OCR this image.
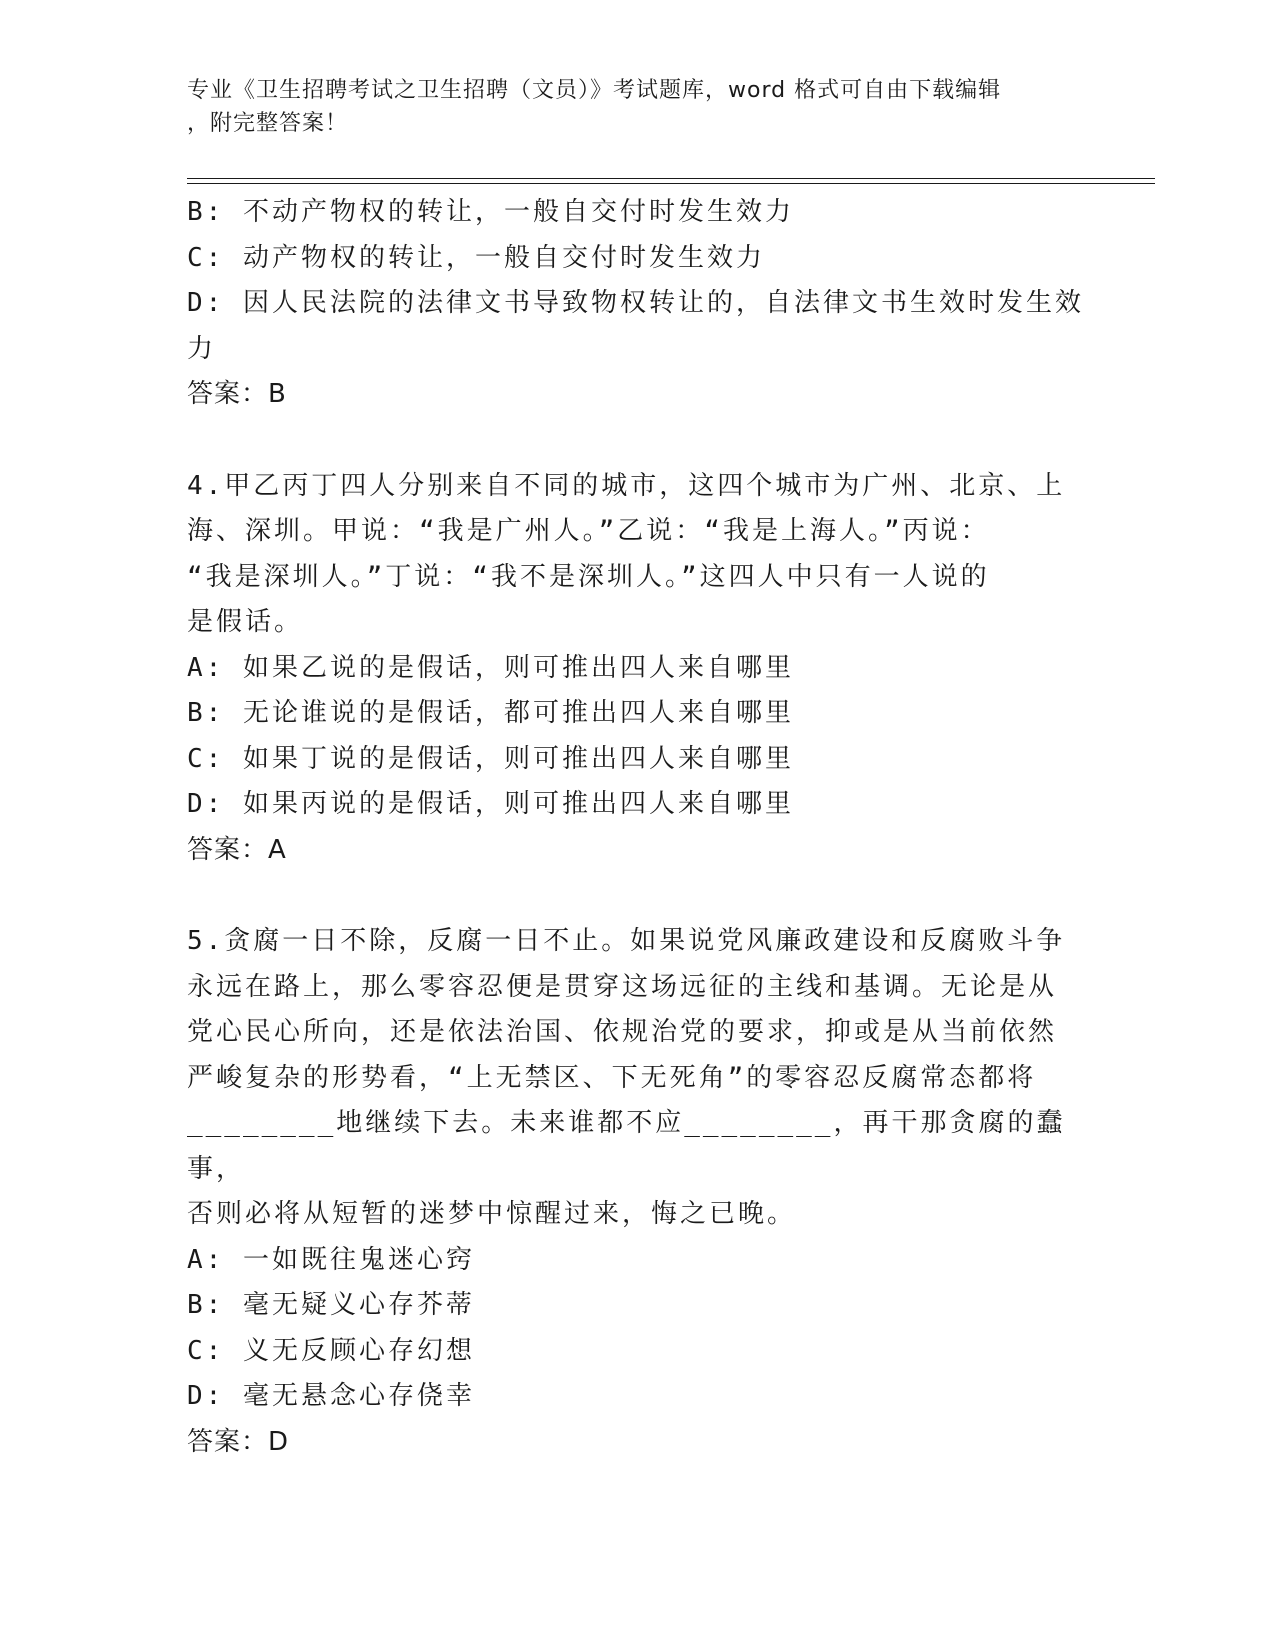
专业《卫生招聘考试之卫生招聘（文员）》考试题库，word 格式可自由下载编辑
，附完整答案！

B: 不动产物权的转让，一般自交付时发生效力

C: 动产物权的转让，一般自交付时发生效力

D: 因人民法院的法律文书导致物权转让的，自法律文书生效时发生效

力

答案：B

4.甲乙丙丁四人分别来自不同的城市，这四个城市为广州、北京、上

海、深圳。甲说：“我是广州人。”乙说：“我是上海人。”丙说：

“我是深圳人。”丁说：“我不是深圳人。”这四人中只有一人说的

是假话。

A: 如果乙说的是假话，则可推出四人来自哪里

B: 无论谁说的是假话，都可推出四人来自哪里

C: 如果丁说的是假话，则可推出四人来自哪里

D: 如果丙说的是假话，则可推出四人来自哪里

答案：A

5.贪腐一日不除，反腐一日不止。如果说党风廉政建设和反腐败斗争

永远在路上，那么零容忍便是贯穿这场远征的主线和基调。无论是从

党心民心所向，还是依法治国、依规治党的要求，抑或是从当前依然

严峻复杂的形势看，“上无禁区、下无死角”的零容忍反腐常态都将

________地继续下去。未来谁都不应________，再干那贪腐的蠢事，

否则必将从短暂的迷梦中惊醒过来，悔之已晚。

A: 一如既往鬼迷心窍

B: 毫无疑义心存芥蒂

C: 义无反顾心存幻想

D: 毫无悬念心存侥幸

答案：D
